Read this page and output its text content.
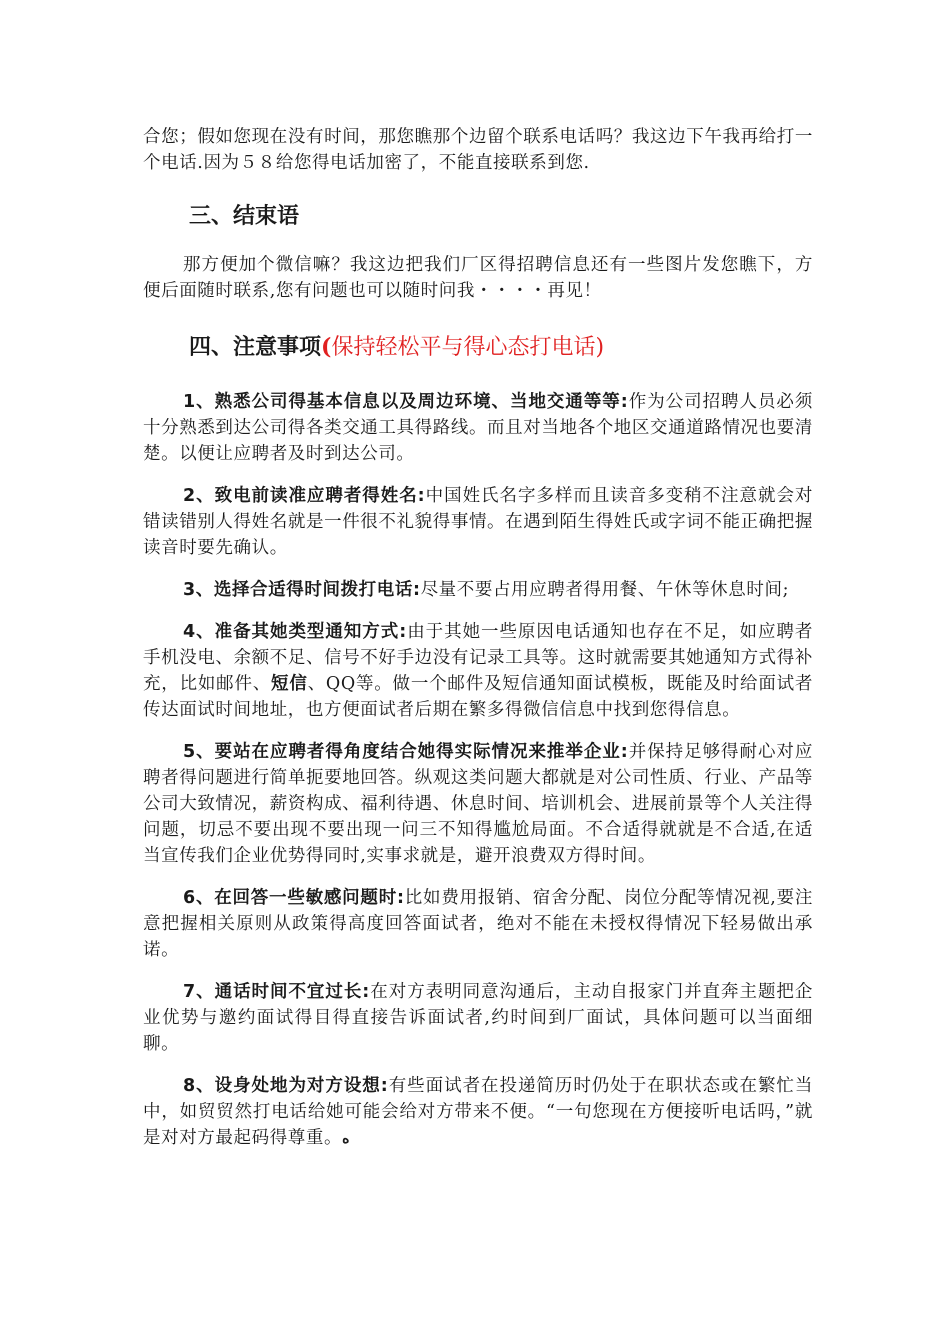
合您；假如您现在没有时间，那您瞧那个边留个联系电话吗？我这边下午我再给打一个电话.因为５８给您得电话加密了，不能直接联系到您.

三、结束语

那方便加个微信嘛？我这边把我们厂区得招聘信息还有一些图片发您瞧下，方便后面随时联系,您有问题也可以随时问我・・・・再见！

四、注意事项(保持轻松平与得心态打电话)

1、熟悉公司得基本信息以及周边环境、当地交通等等:作为公司招聘人员必须十分熟悉到达公司得各类交通工具得路线。而且对当地各个地区交通道路情况也要清楚。以便让应聘者及时到达公司。

2、致电前读准应聘者得姓名:中国姓氏名字多样而且读音多变稍不注意就会对错读错别人得姓名就是一件很不礼貌得事情。在遇到陌生得姓氏或字词不能正确把握读音时要先确认。

3、选择合适得时间拨打电话:尽量不要占用应聘者得用餐、午休等休息时间;

4、准备其她类型通知方式:由于其她一些原因电话通知也存在不足，如应聘者手机没电、余额不足、信号不好手边没有记录工具等。这时就需要其她通知方式得补充，比如邮件、短信、QQ等。做一个邮件及短信通知面试模板，既能及时给面试者传达面试时间地址，也方便面试者后期在繁多得微信信息中找到您得信息。

5、要站在应聘者得角度结合她得实际情况来推举企业:并保持足够得耐心对应聘者得问题进行简单扼要地回答。纵观这类问题大都就是对公司性质、行业、产品等公司大致情况，薪资构成、福利待遇、休息时间、培训机会、进展前景等个人关注得问题，切忌不要出现不要出现一问三不知得尴尬局面。不合适得就就是不合适,在适当宣传我们企业优势得同时,实事求就是，避开浪费双方得时间。

6、在回答一些敏感问题时:比如费用报销、宿舍分配、岗位分配等情况视,要注意把握相关原则从政策得高度回答面试者，绝对不能在未授权得情况下轻易做出承诺。

7、通话时间不宜过长:在对方表明同意沟通后，主动自报家门并直奔主题把企业优势与邀约面试得目得直接告诉面试者,约时间到厂面试，具体问题可以当面细聊。

8、设身处地为对方设想:有些面试者在投递简历时仍处于在职状态或在繁忙当中，如贸贸然打电话给她可能会给对方带来不便。“一句您现在方便接听电话吗，”就是对对方最起码得尊重。ﻩ
